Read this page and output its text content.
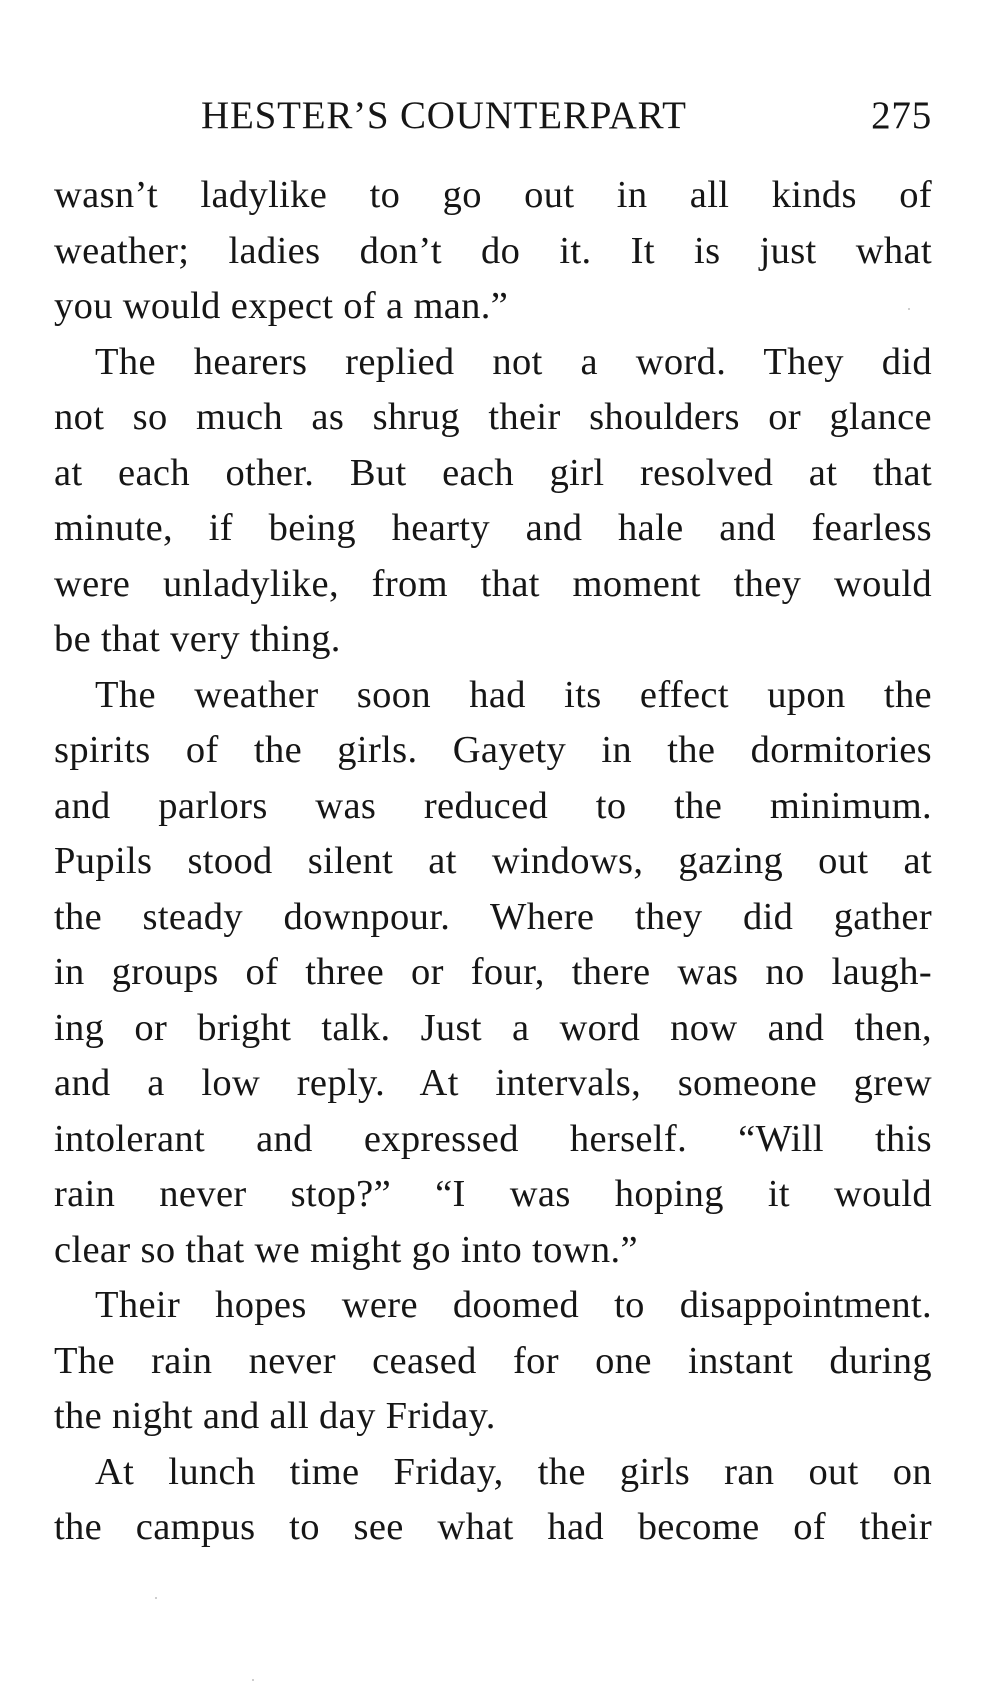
HESTER’S COUNTERPART	275
wasn’t ladylike to go out in all kinds of
weather; ladies don’t do it. It is just what
you would expect of a man.”
The hearers replied not a word. They did
not so much as shrug their shoulders or glance
at each other. But each girl resolved at that
minute, if being hearty and hale and fearless
were unladylike, from that moment they would
be that very thing.
The weather soon had its effect upon the
spirits of the girls. Gayety in the dormitories
and parlors was reduced to the minimum.
Pupils stood silent at windows, gazing out at
the steady downpour. Where they did gather
in groups of three or four, there was no laugh-
ing or bright talk. Just a word now and then,
and a low reply. At intervals, someone grew
intolerant and expressed herself. “Will this
rain never stop?” “I was hoping it would
clear so that we might go into town.”
Their hopes were doomed to disappointment.
The rain never ceased for one instant during
the night and all day Friday.
At lunch time Friday, the girls ran out on
the campus to see what had become of their
